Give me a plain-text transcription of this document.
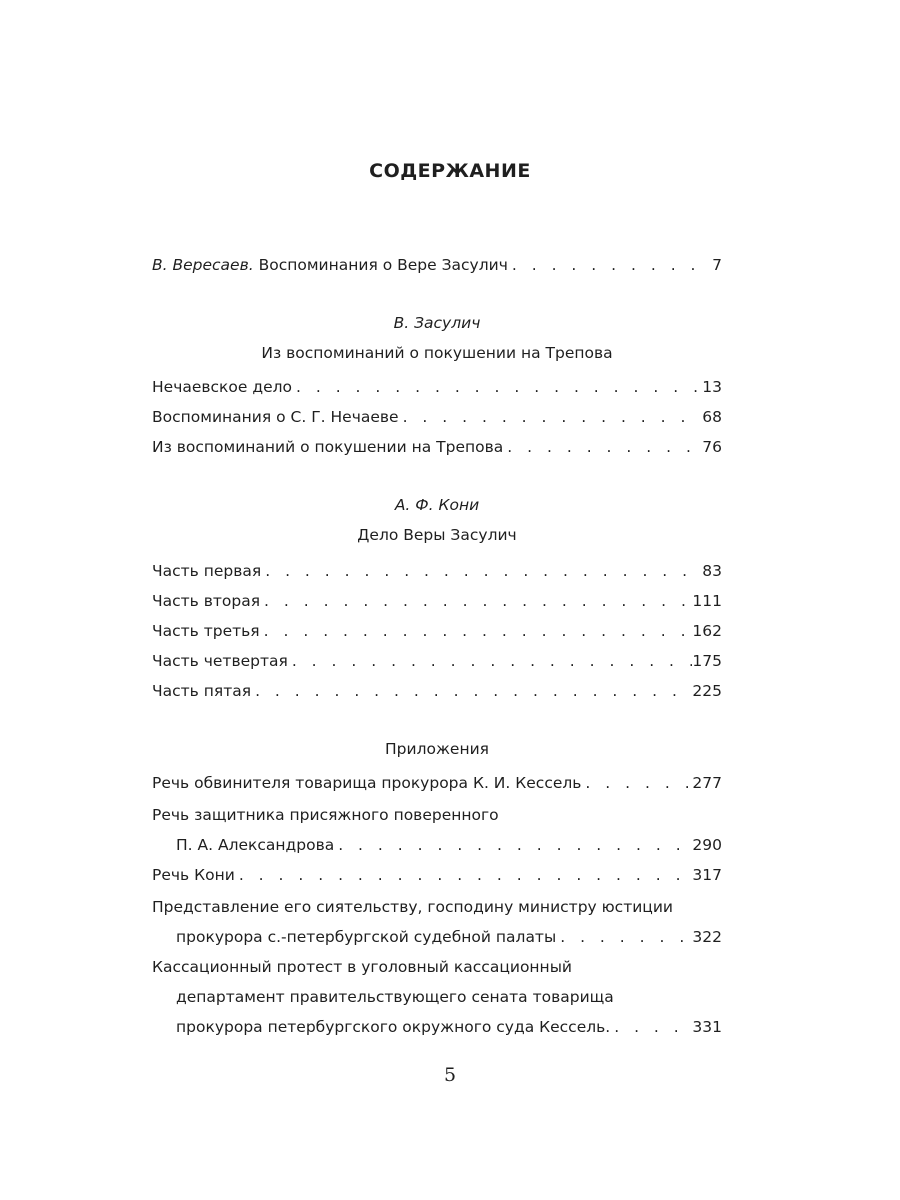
СОДЕРЖАНИЕ
В. Вересаев. Воспоминания о Вере Засулич . . .	7
В. Засулич
Из воспоминаний о покушении на Трепова
Нечаевское дело . . .	13
Воспоминания о С. Г. Нечаеве . . .	68
Из воспоминаний о покушении на Трепова . . .	76
А. Ф. Кони
Дело Веры Засулич
Часть первая . . .	83
Часть вторая . . .	111
Часть третья . . .	162
Часть четвертая . . .	175
Часть пятая . . .	225
Приложения
Речь обвинителя товарища прокурора К. И. Кессель . . .	277
Речь защитника присяжного поверенного
П. А. Александрова . . .	290
Речь Кони . . .	317
Представление его сиятельству, господину министру юстиции
прокурора с.-петербургской судебной палаты . . .	322
Кассационный протест в уголовный кассационный
департамент правительствующего сената товарища
прокурора петербургского окружного суда Кессель. . . .	331
5
